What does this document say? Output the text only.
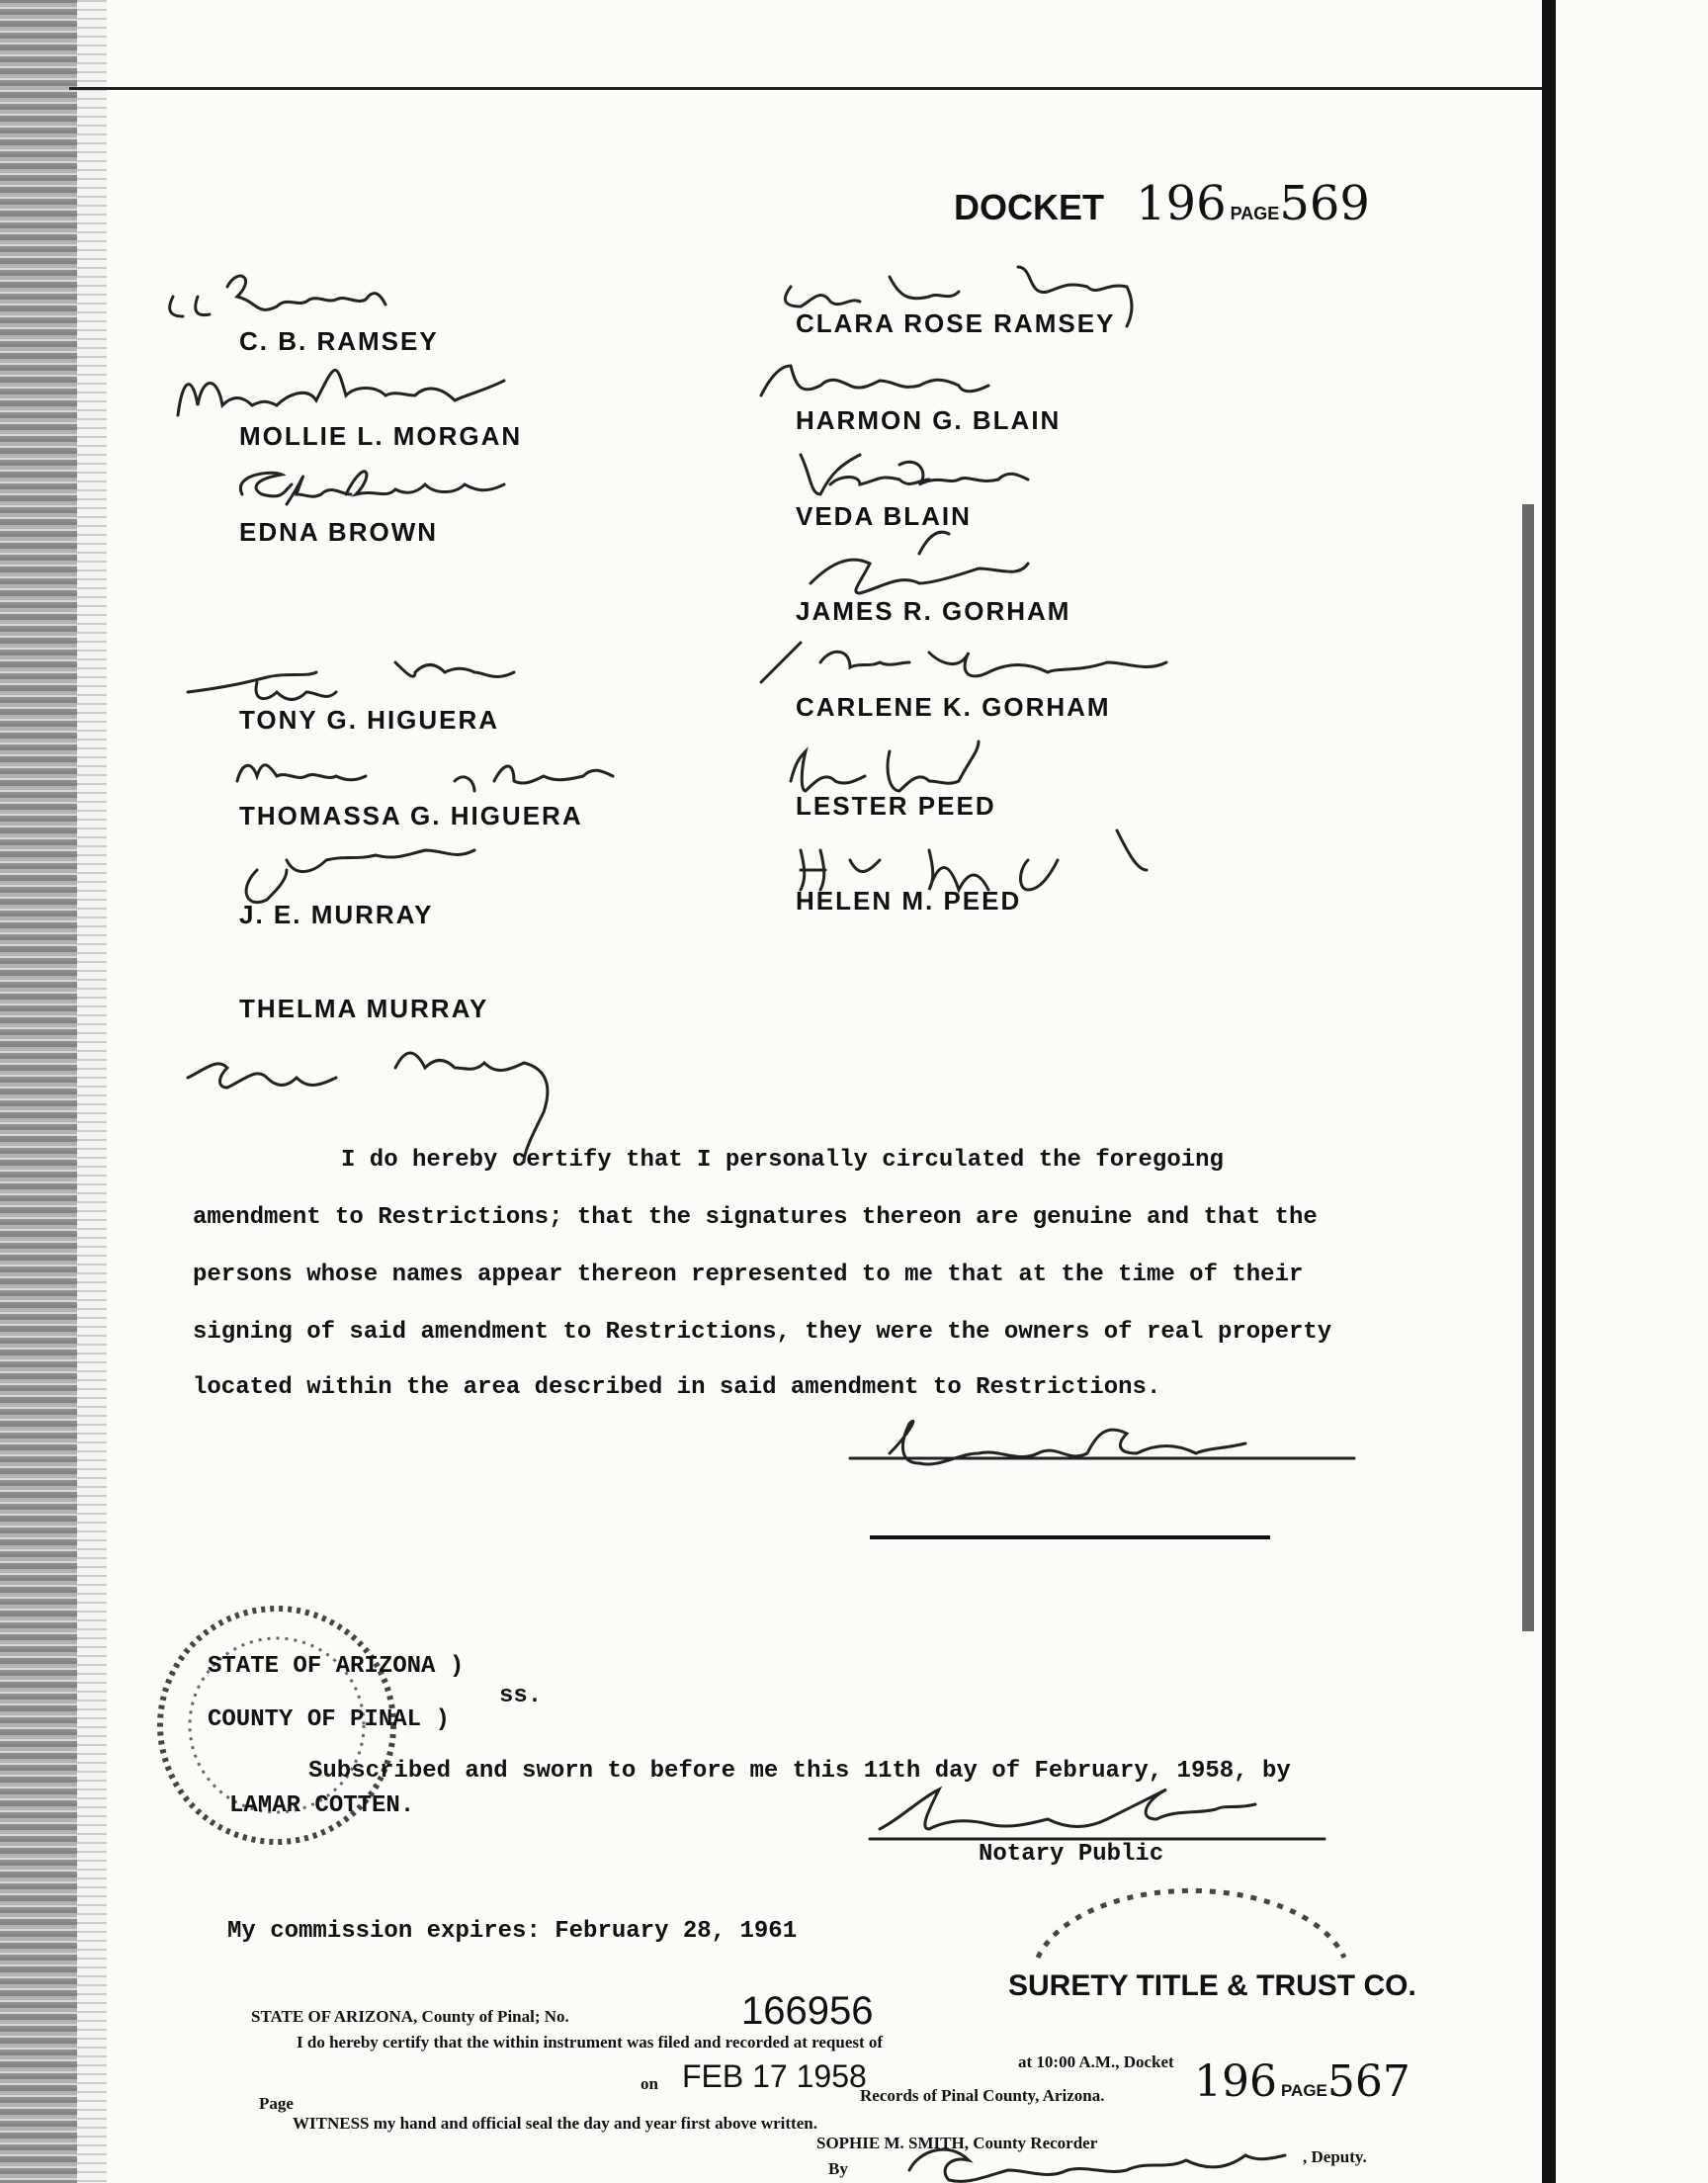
DOCKET 196 PAGE569
C. B. RAMSEY
MOLLIE L. MORGAN
EDNA BROWN
TONY G. HIGUERA
THOMASSA G. HIGUERA
J. E. MURRAY
THELMA MURRAY
CLARA ROSE RAMSEY
HARMON G. BLAIN
VEDA BLAIN
JAMES R. GORHAM
CARLENE K. GORHAM
LESTER PEED
HELEN M. PEED
I do hereby certify that I personally circulated the foregoing
amendment to Restrictions; that the signatures thereon are genuine and that the
persons whose names appear thereon represented to me that at the time of their
signing of said amendment to Restrictions, they were the owners of real property
located within the area described in said amendment to Restrictions.
STATE OF ARIZONA )
ss.
COUNTY OF PINAL )
Subscribed and sworn to before me this 11th day of February, 1958, by
LAMAR COTTEN.
Notary Public
My commission expires: February 28, 1961
STATE OF ARIZONA, County of Pinal; No.	166956
SURETY TITLE & TRUST CO.
I do hereby certify that the within instrument was filed and recorded at request of
at 10:00 A.M., Docket
on FEB 17 1958
Records of Pinal County, Arizona. 196 PAGE567
Page
WITNESS my hand and official seal the day and year first above written.
SOPHIE M. SMITH, County Recorder
By
, Deputy.
